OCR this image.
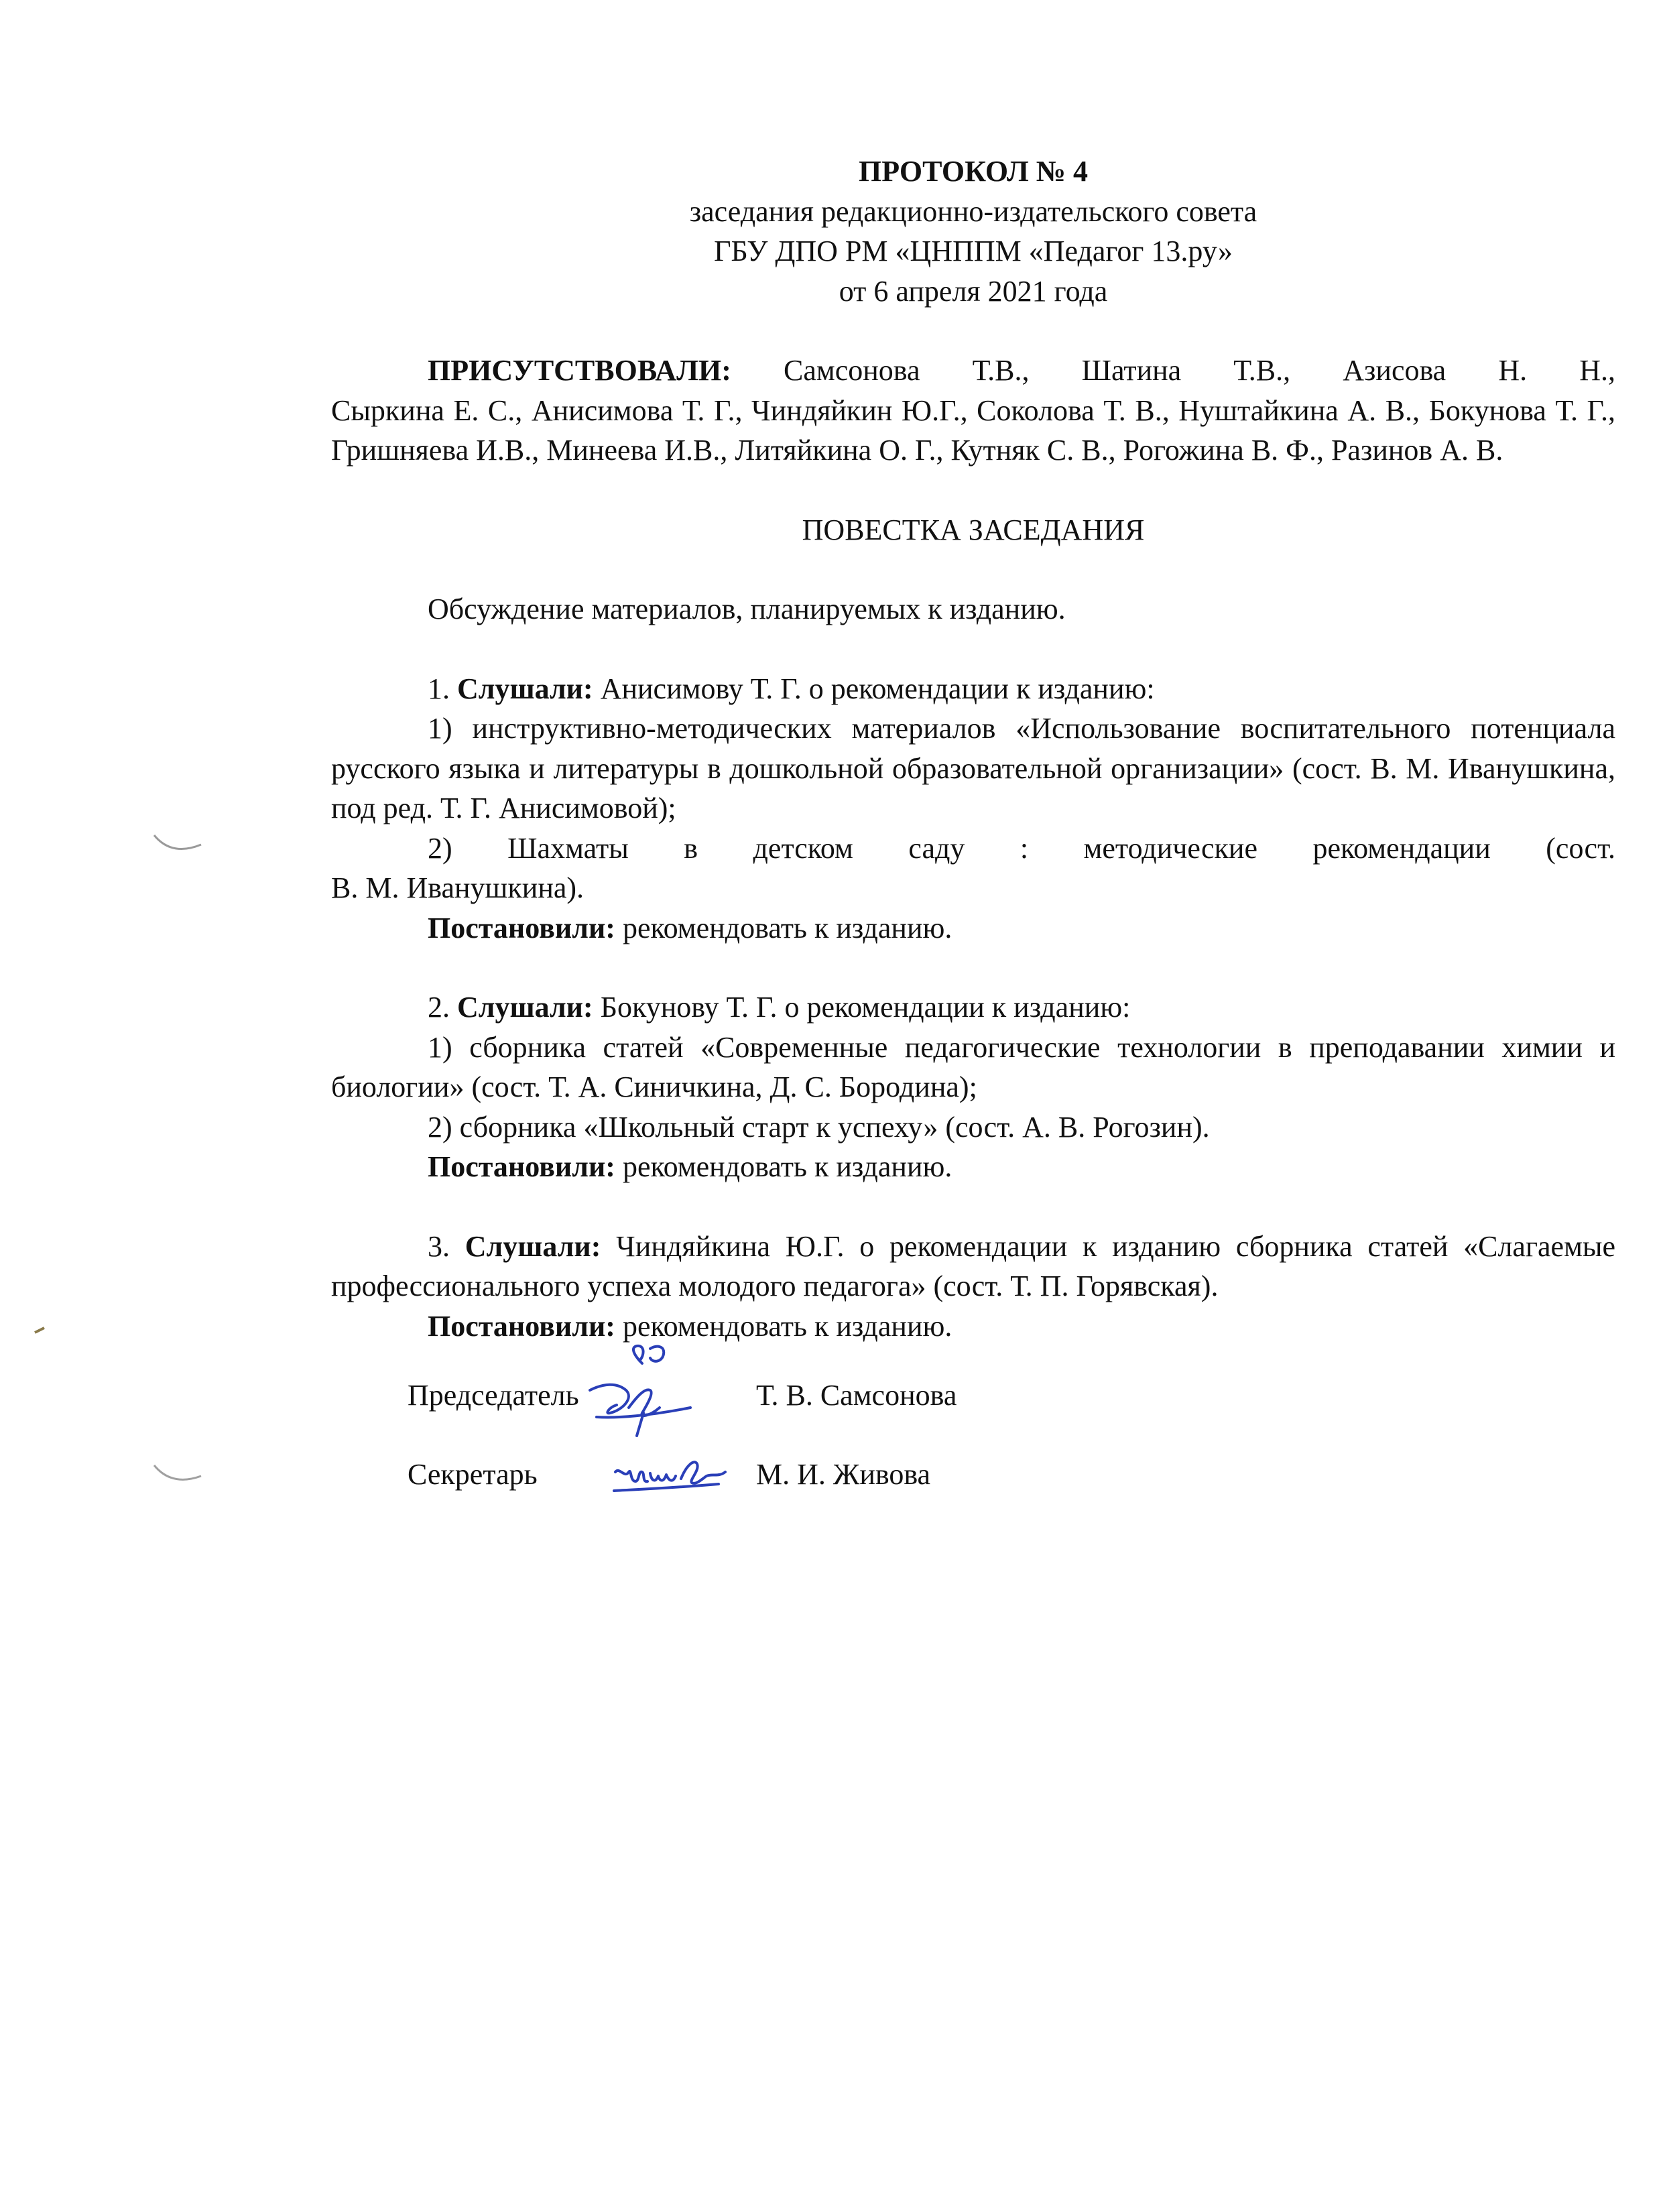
ПРОТОКОЛ № 4
заседания редакционно-издательского совета
ГБУ ДПО РМ «ЦНППМ «Педагог 13.ру»
от 6 апреля 2021 года

ПРИСУТСТВОВАЛИ: Самсонова Т.В., Шатина Т.В., Азисова Н. Н.,

Сыркина Е. С., Анисимова Т. Г., Чиндяйкин Ю.Г., Соколова Т. В., Нуштайкина А. В., Бокунова Т. Г., Гришняева И.В., Минеева И.В., Литяйкина О. Г., Кутняк С. В., Рогожина В. Ф., Разинов А. В.

ПОВЕСТКА ЗАСЕДАНИЯ

Обсуждение материалов, планируемых к изданию.

1. Слушали: Анисимову Т. Г. о рекомендации к изданию:

1) инструктивно-методических материалов «Использование воспитательного потенциала русского языка и литературы в дошкольной образовательной организации» (сост. В. М. Иванушкина, под ред. Т. Г. Анисимовой);

2) Шахматы в детском саду : методические рекомендации (сост.

В. М. Иванушкина).

Постановили: рекомендовать к изданию.

2. Слушали: Бокунову Т. Г. о рекомендации к изданию:

1) сборника статей «Современные педагогические технологии в преподавании химии и биологии» (сост. Т. А. Синичкина, Д. С. Бородина);

2) сборника «Школьный старт к успеху» (сост. А. В. Рогозин).

Постановили: рекомендовать к изданию.

3. Слушали: Чиндяйкина Ю.Г. о рекомендации к изданию сборника статей «Слагаемые профессионального успеха молодого педагога» (сост. Т. П. Горявская).

Постановили: рекомендовать к изданию.

Председатель	Т. В. Самсонова
Секретарь	М. И. Живова
